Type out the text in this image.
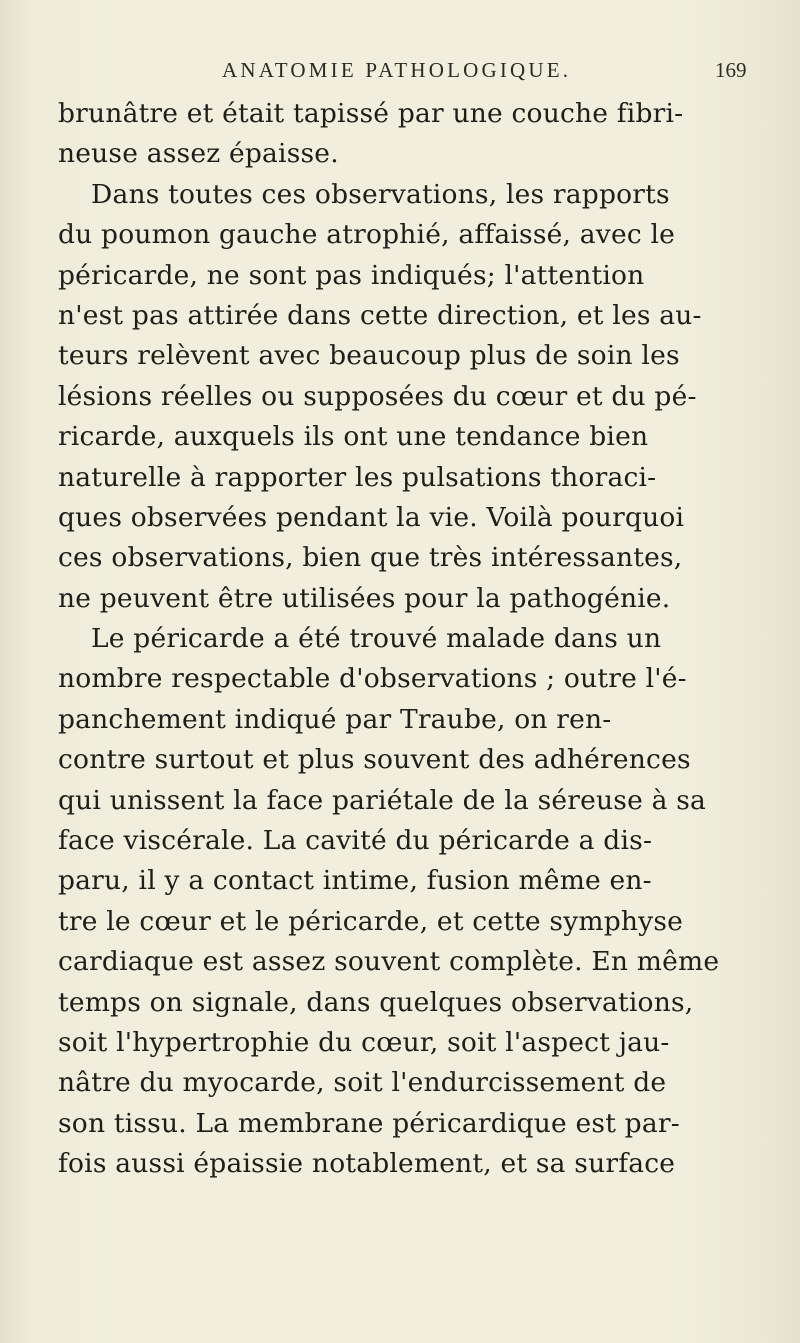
ANATOMIE PATHOLOGIQUE.	169
brunâtre et était tapissé par une couche fibri-
neuse assez épaisse.
Dans toutes ces observations, les rapports
du poumon gauche atrophié, affaissé, avec le
péricarde, ne sont pas indiqués; l'attention
n'est pas attirée dans cette direction, et les au-
teurs relèvent avec beaucoup plus de soin les
lésions réelles ou supposées du cœur et du pé-
ricarde, auxquels ils ont une tendance bien
naturelle à rapporter les pulsations thoraci-
ques observées pendant la vie. Voilà pourquoi
ces observations, bien que très intéressantes,
ne peuvent être utilisées pour la pathogénie.
Le péricarde a été trouvé malade dans un
nombre respectable d'observations ; outre l'é-
panchement indiqué par Traube, on ren-
contre surtout et plus souvent des adhérences
qui unissent la face pariétale de la séreuse à sa
face viscérale. La cavité du péricarde a dis-
paru, il y a contact intime, fusion même en-
tre le cœur et le péricarde, et cette symphyse
cardiaque est assez souvent complète. En même
temps on signale, dans quelques observations,
soit l'hypertrophie du cœur, soit l'aspect jau-
nâtre du myocarde, soit l'endurcissement de
son tissu. La membrane péricardique est par-
fois aussi épaissie notablement, et sa surface
